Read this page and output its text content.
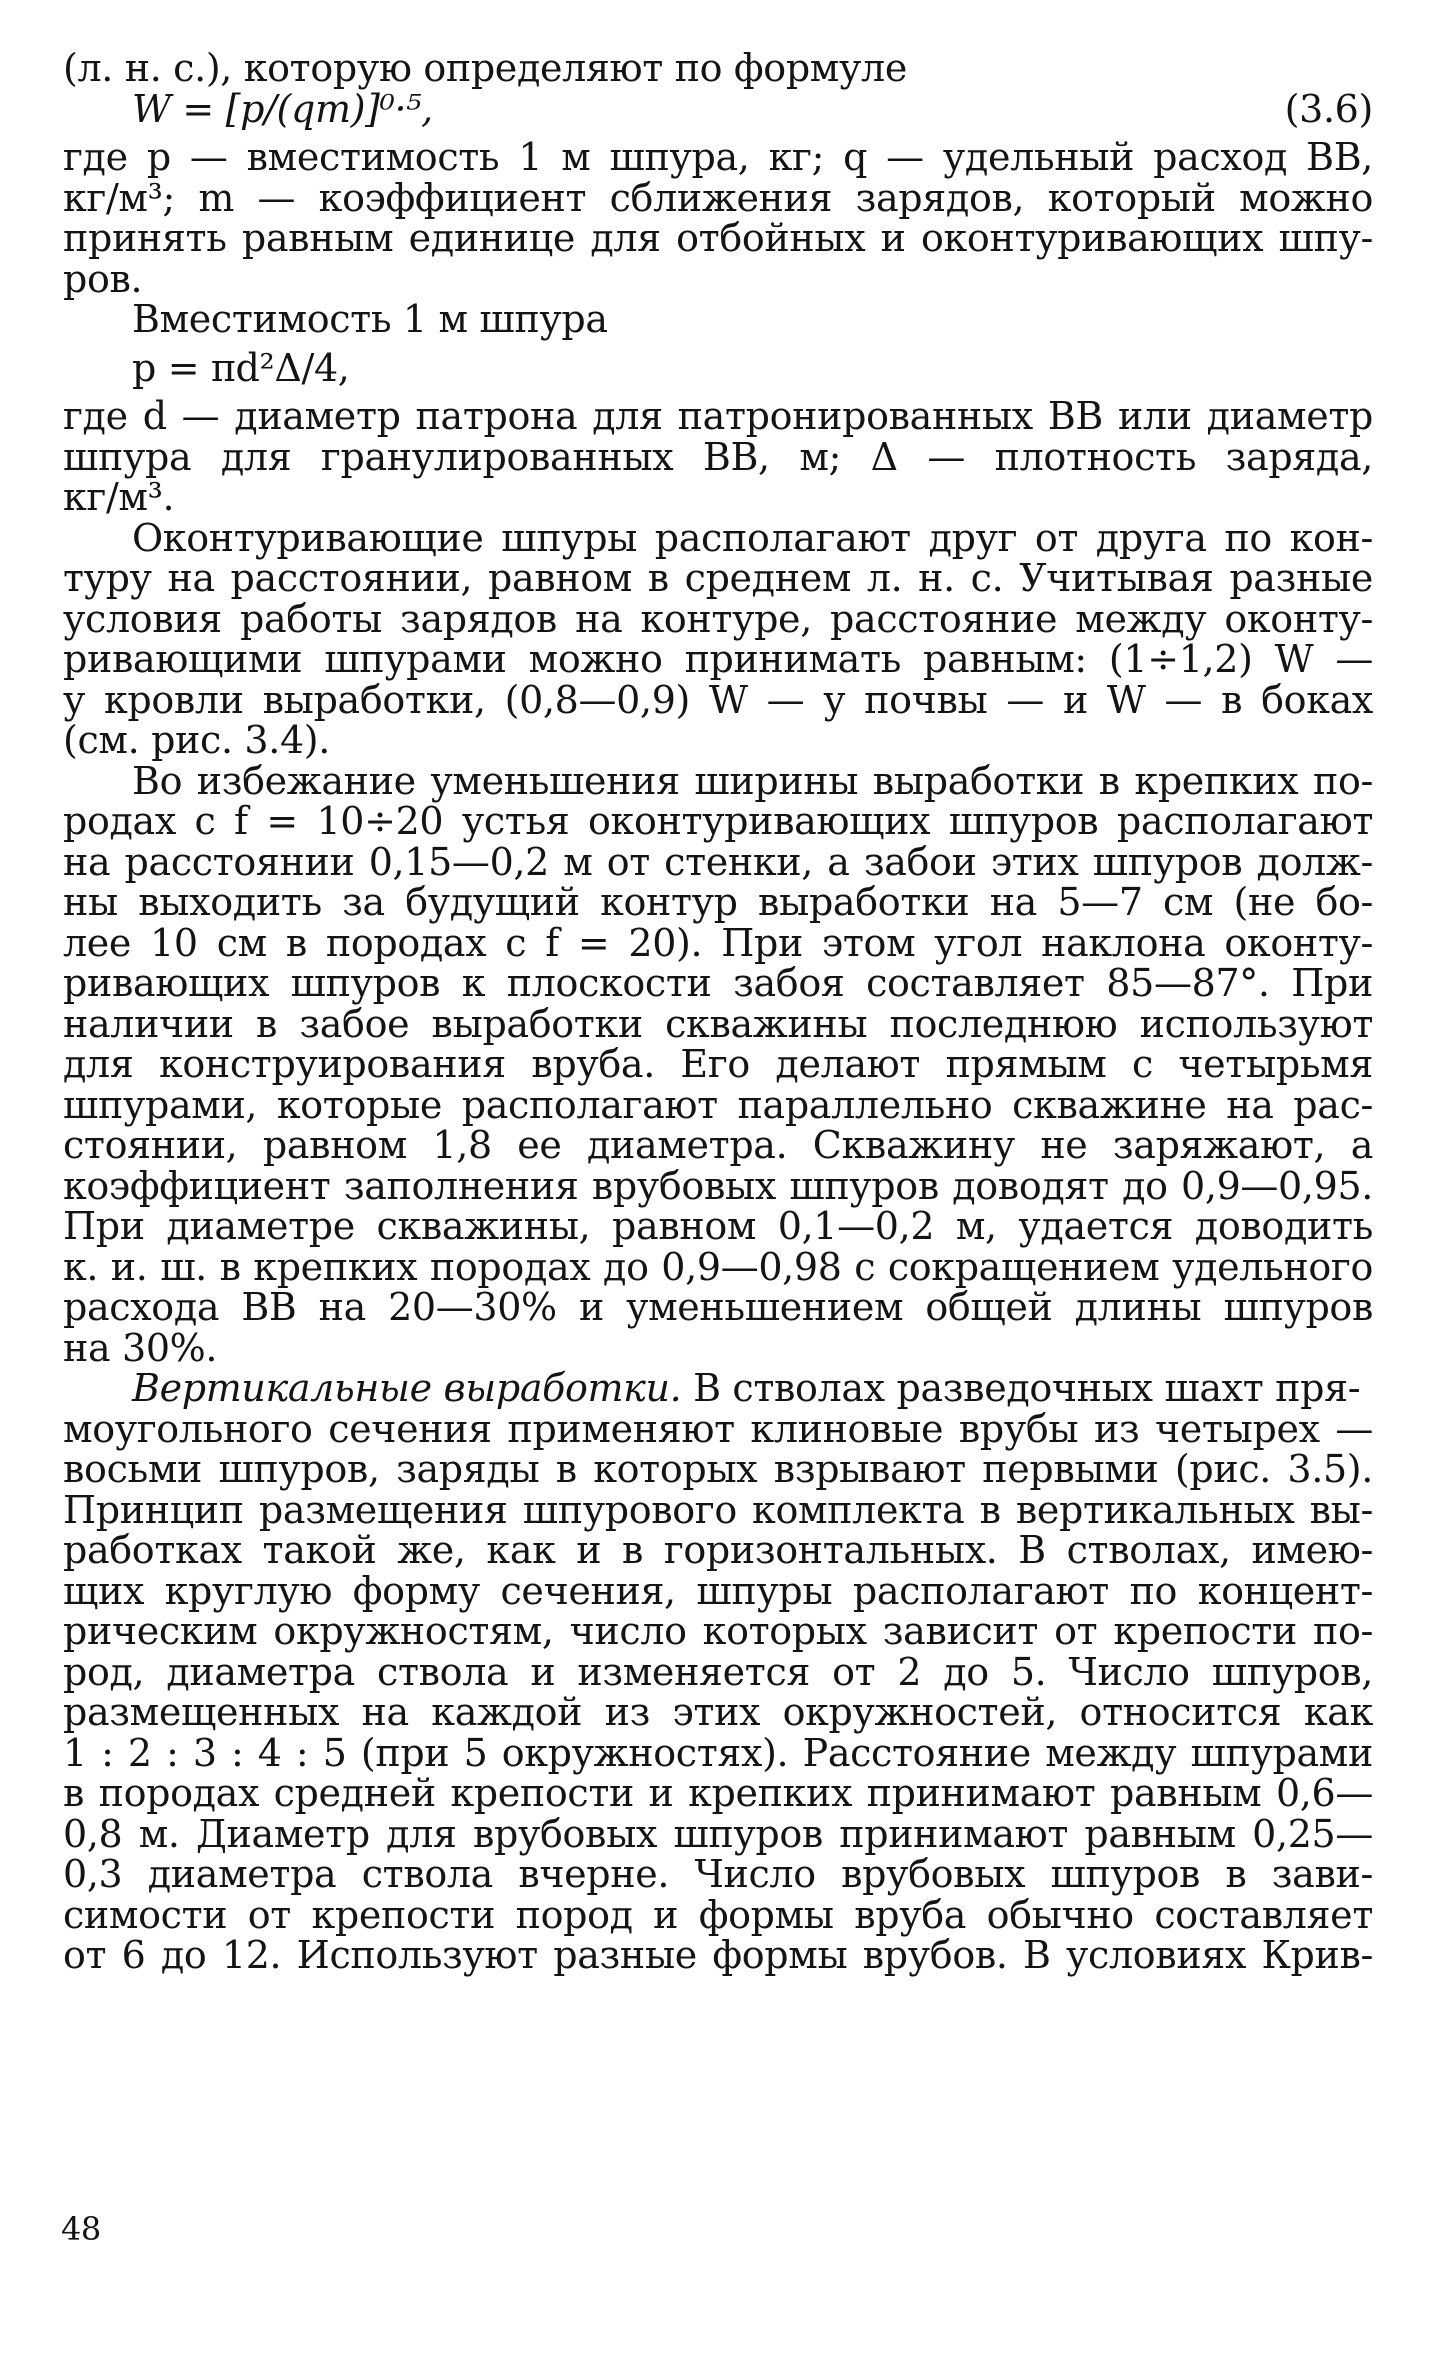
(л. н. с.), которую определяют по формуле
W = [p/(qm)]⁰·⁵,	(3.6)
где p — вместимость 1 м шпура, кг; q — удельный расход ВВ,
кг/м³; m — коэффициент сближения зарядов, который можно
принять равным единице для отбойных и оконтуривающих шпу-
ров.
Вместимость 1 м шпура
p = πd²Δ/4,
где d — диаметр патрона для патронированных ВВ или диаметр
шпура для гранулированных ВВ, м; Δ — плотность заряда,
кг/м³.
Оконтуривающие шпуры располагают друг от друга по кон-
туру на расстоянии, равном в среднем л. н. с. Учитывая разные
условия работы зарядов на контуре, расстояние между оконту-
ривающими шпурами можно принимать равным: (1÷1,2) W —
у кровли выработки, (0,8—0,9) W — у почвы — и W — в боках
(см. рис. 3.4).
Во избежание уменьшения ширины выработки в крепких по-
родах с f = 10÷20 устья оконтуривающих шпуров располагают
на расстоянии 0,15—0,2 м от стенки, а забои этих шпуров долж-
ны выходить за будущий контур выработки на 5—7 см (не бо-
лее 10 см в породах с f = 20). При этом угол наклона оконту-
ривающих шпуров к плоскости забоя составляет 85—87°. При
наличии в забое выработки скважины последнюю используют
для конструирования вруба. Его делают прямым с четырьмя
шпурами, которые располагают параллельно скважине на рас-
стоянии, равном 1,8 ее диаметра. Скважину не заряжают, а
коэффициент заполнения врубовых шпуров доводят до 0,9—0,95.
При диаметре скважины, равном 0,1—0,2 м, удается доводить
к. и. ш. в крепких породах до 0,9—0,98 с сокращением удельного
расхода ВВ на 20—30% и уменьшением общей длины шпуров
на 30%.
Вертикальные выработки. В стволах разведочных шахт пря-
моугольного сечения применяют клиновые врубы из четырех —
восьми шпуров, заряды в которых взрывают первыми (рис. 3.5).
Принцип размещения шпурового комплекта в вертикальных вы-
работках такой же, как и в горизонтальных. В стволах, имею-
щих круглую форму сечения, шпуры располагают по концент-
рическим окружностям, число которых зависит от крепости по-
род, диаметра ствола и изменяется от 2 до 5. Число шпуров,
размещенных на каждой из этих окружностей, относится как
1 : 2 : 3 : 4 : 5 (при 5 окружностях). Расстояние между шпурами
в породах средней крепости и крепких принимают равным 0,6—
0,8 м. Диаметр для врубовых шпуров принимают равным 0,25—
0,3 диаметра ствола вчерне. Число врубовых шпуров в зави-
симости от крепости пород и формы вруба обычно составляет
от 6 до 12. Используют разные формы врубов. В условиях Крив-
48
